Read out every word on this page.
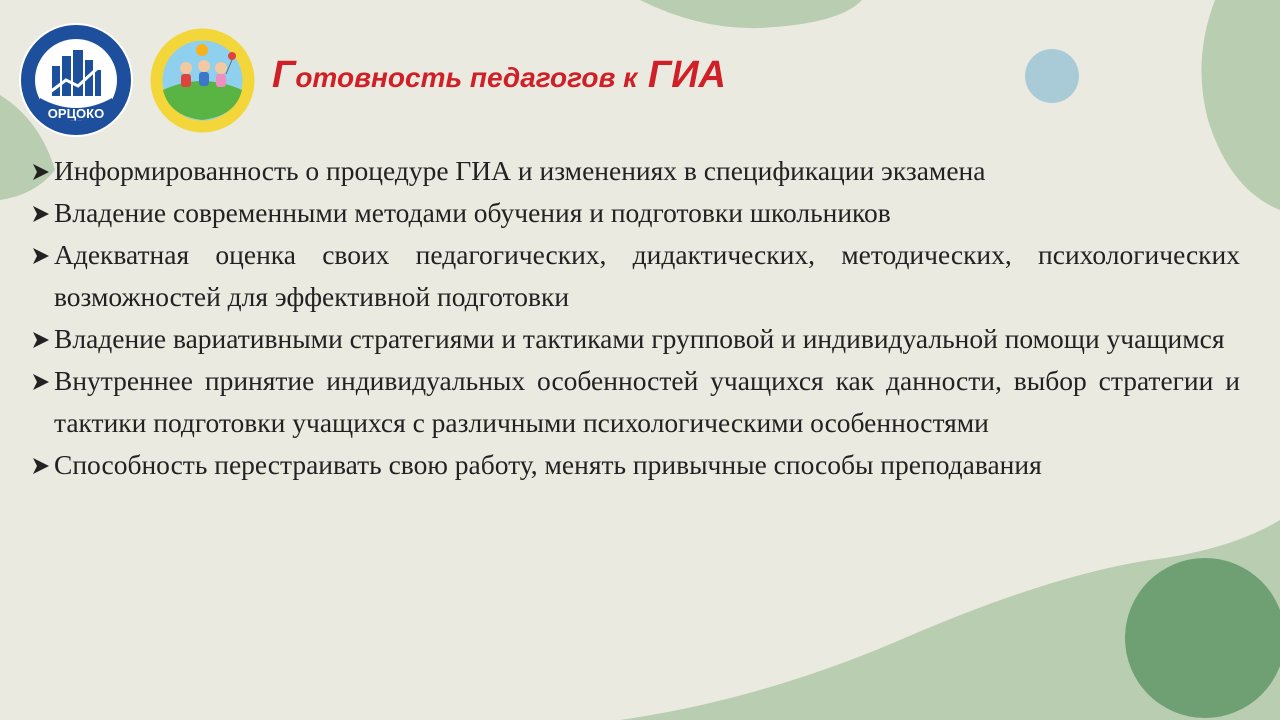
ОРЦОКО
Готовность педагогов к ГИА
Информированность о процедуре ГИА и изменениях в спецификации экзамена
Владение современными методами обучения и подготовки школьников
Адекватная оценка своих педагогических, дидактических, методических, психологических возможностей для эффективной подготовки
Владение вариативными стратегиями и тактиками групповой и индивидуальной помощи учащимся
Внутреннее принятие индивидуальных особенностей учащихся как данности, выбор стратегии и тактики подготовки учащихся с различными психологическими особенностями
Способность перестраивать свою работу, менять привычные способы преподавания
